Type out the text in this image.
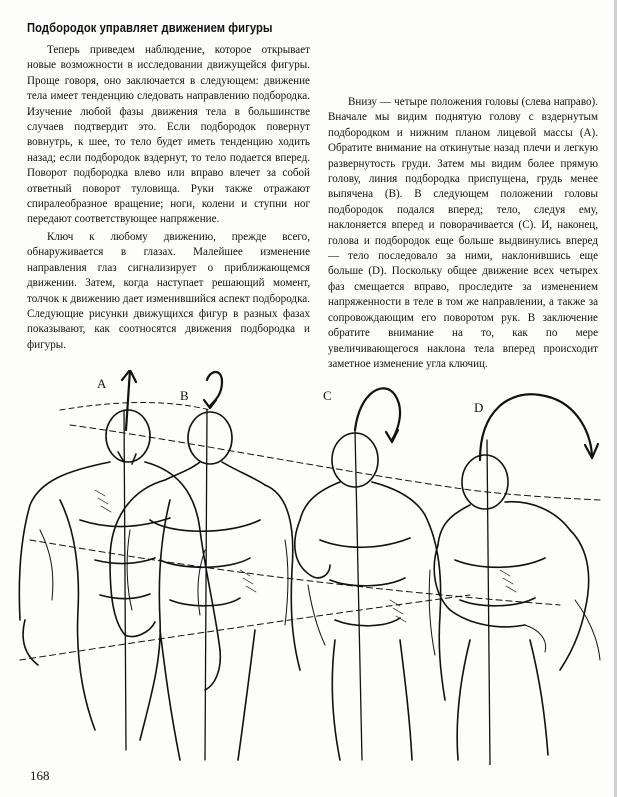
Подбородок управляет движением фигуры

Теперь приведем наблюдение, которое открывает новые возможности в исследовании движущейся фигуры. Проще говоря, оно заключается в следующем: движение тела имеет тенденцию следовать направлению подбородка. Изучение любой фазы движения тела в большинстве случаев подтвердит это. Если подбородок повернут вовнутрь, к шее, то тело будет иметь тенденцию ходить назад; если подбородок вздернут, то тело подается вперед. Поворот подбородка влево или вправо влечет за собой ответный поворот туловища. Руки также отражают спиралеобразное вращение; ноги, колени и ступни ног передают соответствующее напряжение.

Ключ к любому движению, прежде всего, обнаруживается в глазах. Малейшее изменение направления глаз сигнализирует о приближающемся движении. Затем, когда наступает решающий момент, толчок к движению дает изменившийся аспект подбородка. Следующие рисунки движущихся фигур в разных фазах показывают, как соотносятся движения подбородка и фигуры.

Внизу — четыре положения головы (слева направо). Вначале мы видим поднятую голову с вздернутым подбородком и нижним планом лицевой массы (А). Обратите внимание на откинутые назад плечи и легкую развернутость груди. Затем мы видим более прямую голову, линия подбородка приспущена, грудь менее выпячена (В). В следующем положении головы подбородок подался вперед; тело, следуя ему, наклоняется вперед и поворачивается (С). И, наконец, голова и подбородок еще больше выдвинулись вперед — тело последовало за ними, наклонившись еще больше (D). Поскольку общее движение всех четырех фаз смещается вправо, проследите за изменением напряженности в теле в том же направлении, а также за сопровождающим его поворотом рук. В заключение обратите внимание на то, как по мере увеличивающегося наклона тела вперед происходит заметное изменение угла ключиц.

A
B	C
D
168
